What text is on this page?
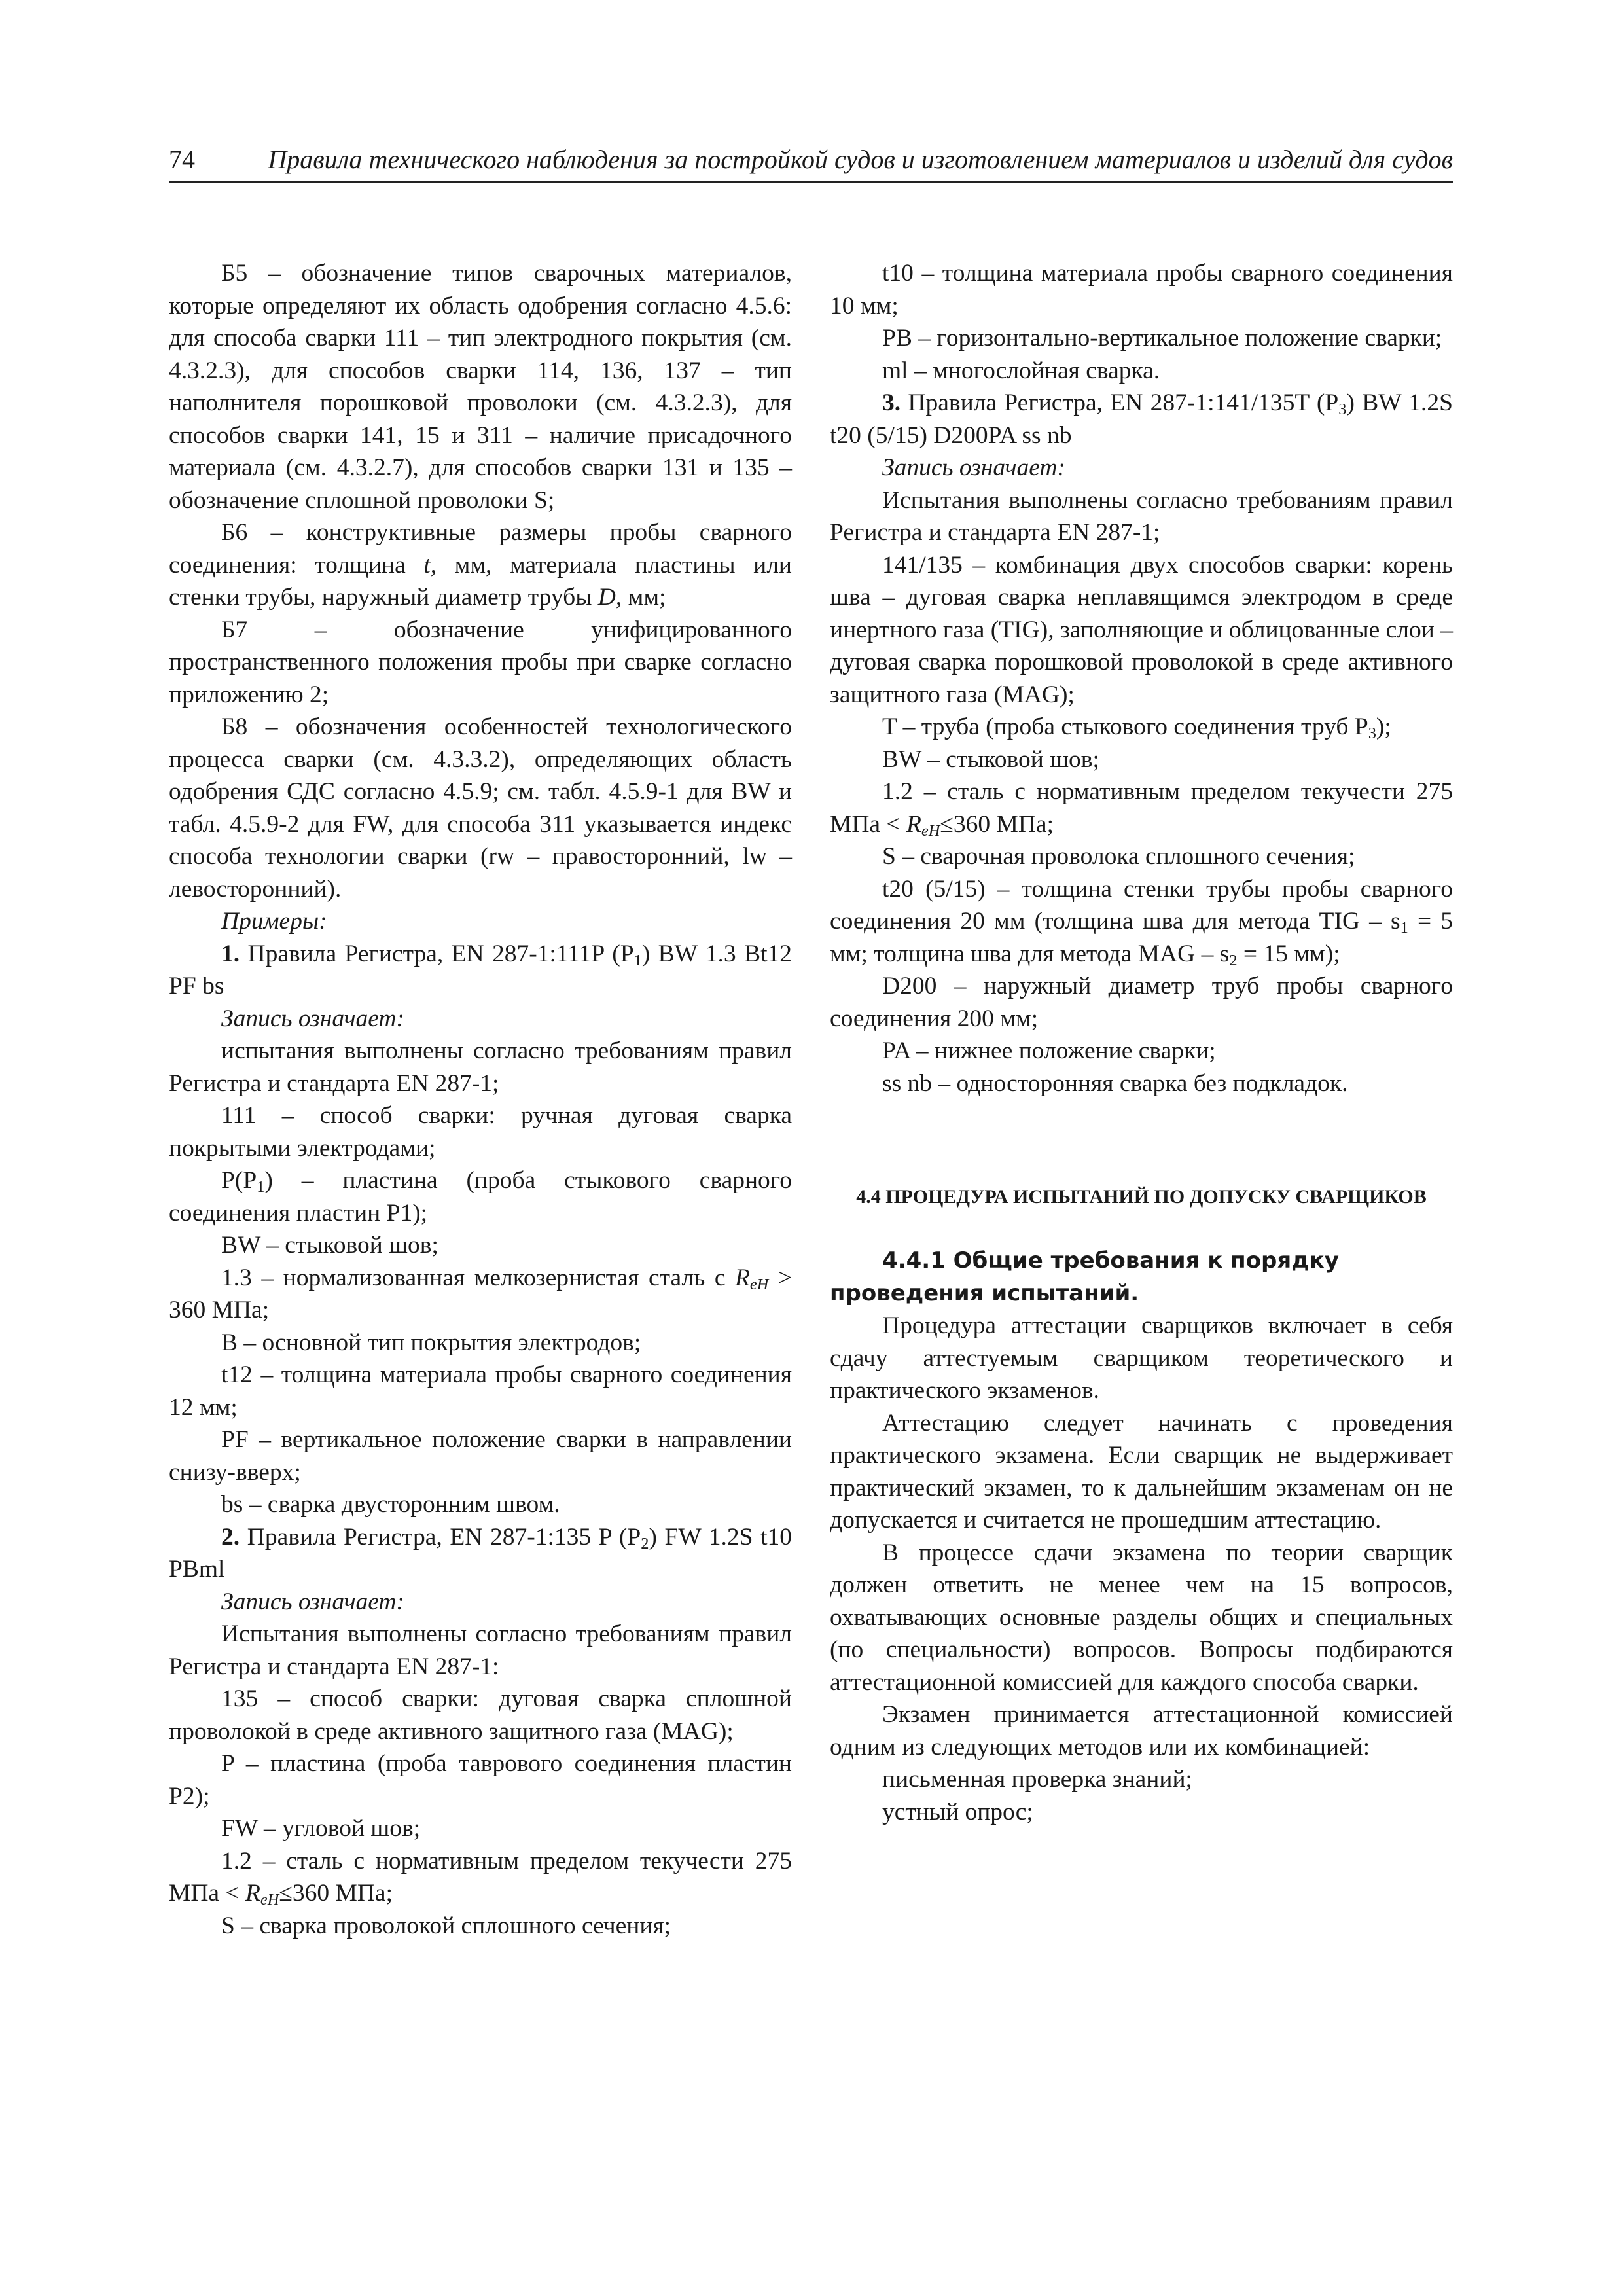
74	Правила технического наблюдения за постройкой судов и изготовлением материалов и изделий для судов

Б5 – обозначение типов сварочных материалов, которые определяют их область одобрения согласно 4.5.6: для способа сварки 111 – тип электродного покрытия (см. 4.3.2.3), для способов сварки 114, 136, 137 – тип наполнителя порошковой проволоки (см. 4.3.2.3), для способов сварки 141, 15 и 311 – наличие присадочного материала (см. 4.3.2.7), для способов сварки 131 и 135 – обозначение сплошной проволоки S;

Б6 – конструктивные размеры пробы сварного соединения: толщина t, мм, материала пластины или стенки трубы, наружный диаметр трубы D, мм;

Б7 – обозначение унифицированного пространственного положения пробы при сварке согласно приложению 2;

Б8 – обозначения особенностей технологического процесса сварки (см. 4.3.3.2), определяющих область одобрения СДС согласно 4.5.9; см. табл. 4.5.9-1 для BW и табл. 4.5.9-2 для FW, для способа 311 указывается индекс способа технологии сварки (rw – правосторонний, lw – левосторонний).

Примеры:

1. Правила Регистра, EN 287-1:111P $(P_1)$ BW 1.3 Bt12 PF bs

Запись означает:

испытания выполнены согласно требованиям правил Регистра и стандарта EN 287-1;

111 – способ сварки: ручная дуговая сварка покрытыми электродами;

$P(P_1)$ – пластина (проба стыкового сварного соединения пластин P1);

BW – стыковой шов;

1.3 – нормализованная мелкозернистая сталь с $R_{eH} > 360$ МПа;

B – основной тип покрытия электродов;

t12 – толщина материала пробы сварного соединения 12 мм;

PF – вертикальное положение сварки в направлении снизу-вверх;

bs – сварка двусторонним швом.

2. Правила Регистра, EN 287-1:135 P $(P_2)$ FW 1.2S t10 PBml

Запись означает:

Испытания выполнены согласно требованиям правил Регистра и стандарта EN 287-1:

135 – способ сварки: дуговая сварка сплошной проволокой в среде активного защитного газа (MAG);

P – пластина (проба таврового соединения пластин P2);

FW – угловой шов;

1.2 – сталь с нормативным пределом текучести 275 МПа < $R_{eH}\le 360$ МПа;

S – сварка проволокой сплошного сечения;

t10 – толщина материала пробы сварного соединения 10 мм;

PB – горизонтально-вертикальное положение сварки;

ml – многослойная сварка.

3. Правила Регистра, EN 287-1:141/135T $(P_3)$ BW 1.2S t20 (5/15) D200PA ss nb

Запись означает:

Испытания выполнены согласно требованиям правил Регистра и стандарта EN 287-1;

141/135 – комбинация двух способов сварки: корень шва – дуговая сварка неплавящимся электродом в среде инертного газа (TIG), заполняющие и облицованные слои – дуговая сварка порошковой проволокой в среде активного защитного газа (MAG);

T – труба (проба стыкового соединения труб $P_3$);

BW – стыковой шов;

1.2 – сталь с нормативным пределом текучести 275 МПа < $R_{eH}\le 360$ МПа;

S – сварочная проволока сплошного сечения;

t20 (5/15) – толщина стенки трубы пробы сварного соединения 20 мм (толщина шва для метода TIG – $s_1 = 5$ мм; толщина шва для метода MAG – $s_2 = 15$ мм);

D200 – наружный диаметр труб пробы сварного соединения 200 мм;

PA – нижнее положение сварки;

ss nb – односторонняя сварка без подкладок.

4.4 ПРОЦЕДУРА ИСПЫТАНИЙ ПО ДОПУСКУ СВАРЩИКОВ

4.4.1 Общие требования к порядку проведения испытаний.

Процедура аттестации сварщиков включает в себя сдачу аттестуемым сварщиком теоретического и практического экзаменов.

Аттестацию следует начинать с проведения практического экзамена. Если сварщик не выдерживает практический экзамен, то к дальнейшим экзаменам он не допускается и считается не прошедшим аттестацию.

В процессе сдачи экзамена по теории сварщик должен ответить не менее чем на 15 вопросов, охватывающих основные разделы общих и специальных (по специальности) вопросов. Вопросы подбираются аттестационной комиссией для каждого способа сварки.

Экзамен принимается аттестационной комиссией одним из следующих методов или их комбинацией:

письменная проверка знаний;

устный опрос;
